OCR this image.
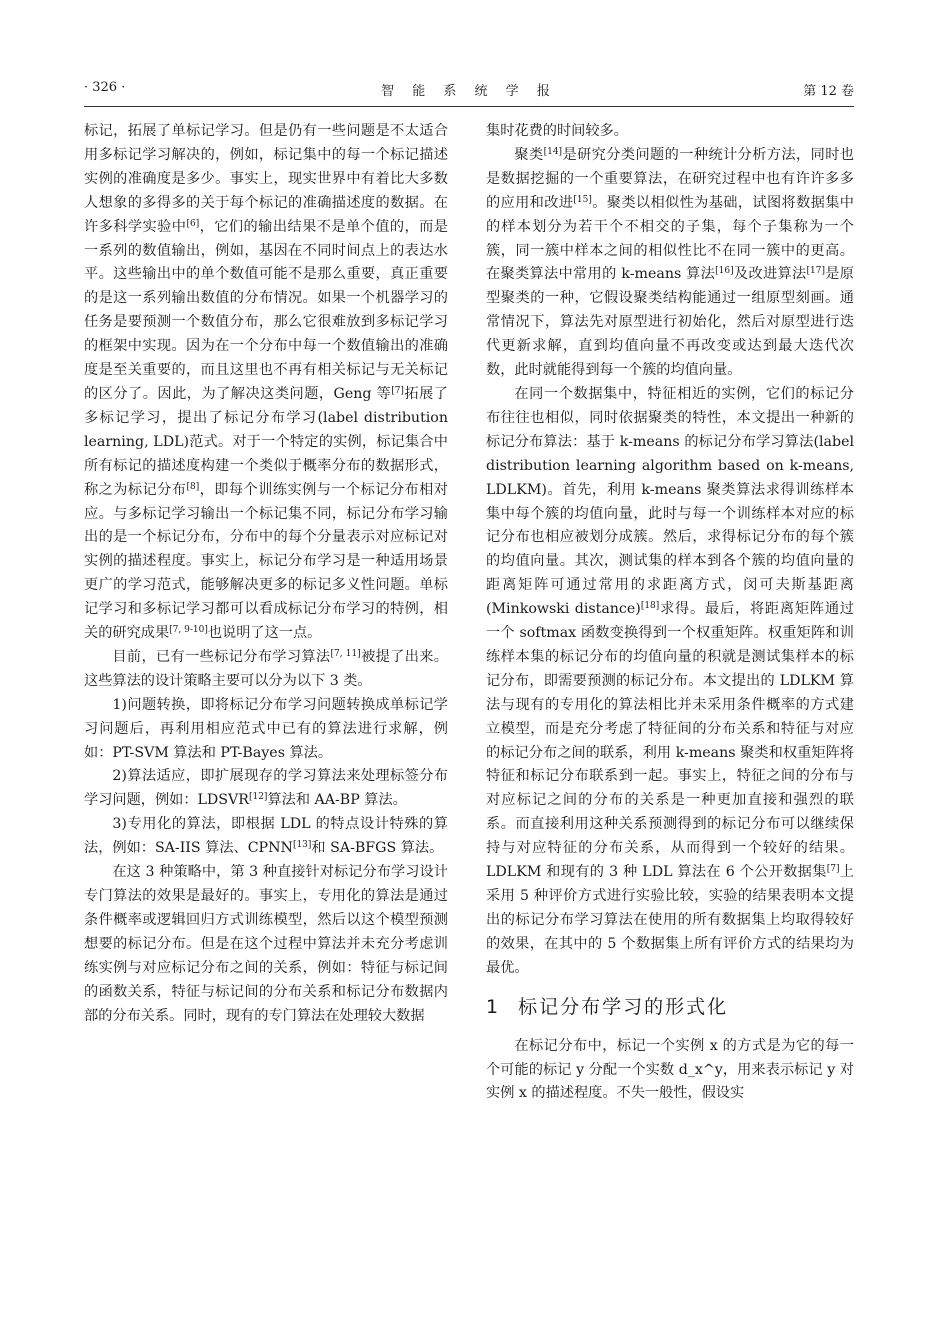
· 326 ·	智 能 系 统 学 报	第 12 卷

标记，拓展了单标记学习。但是仍有一些问题是不太适合用多标记学习解决的，例如，标记集中的每一个标记描述实例的准确度是多少。事实上，现实世界中有着比大多数人想象的多得多的关于每个标记的准确描述度的数据。在许多科学实验中[6]，它们的输出结果不是单个值的，而是一系列的数值输出，例如，基因在不同时间点上的表达水平。这些输出中的单个数值可能不是那么重要，真正重要的是这一系列输出数值的分布情况。如果一个机器学习的任务是要预测一个数值分布，那么它很难放到多标记学习的框架中实现。因为在一个分布中每一个数值输出的准确度是至关重要的，而且这里也不再有相关标记与无关标记的区分了。因此，为了解决这类问题，Geng 等[7]拓展了多标记学习，提出了标记分布学习(label distribution learning, LDL)范式。对于一个特定的实例，标记集合中所有标记的描述度构建一个类似于概率分布的数据形式，称之为标记分布[8]，即每个训练实例与一个标记分布相对应。与多标记学习输出一个标记集不同，标记分布学习输出的是一个标记分布，分布中的每个分量表示对应标记对实例的描述程度。事实上，标记分布学习是一种适用场景更广的学习范式，能够解决更多的标记多义性问题。单标记学习和多标记学习都可以看成标记分布学习的特例，相关的研究成果[7, 9-10]也说明了这一点。

目前，已有一些标记分布学习算法[7, 11]被提了出来。这些算法的设计策略主要可以分为以下 3 类。

1)问题转换，即将标记分布学习问题转换成单标记学习问题后，再利用相应范式中已有的算法进行求解，例如：PT-SVM 算法和 PT-Bayes 算法。

2)算法适应，即扩展现存的学习算法来处理标签分布学习问题，例如：LDSVR[12]算法和 AA-BP 算法。

3)专用化的算法，即根据 LDL 的特点设计特殊的算法，例如：SA-IIS 算法、CPNN[13]和 SA-BFGS 算法。

在这 3 种策略中，第 3 种直接针对标记分布学习设计专门算法的效果是最好的。事实上，专用化的算法是通过条件概率或逻辑回归方式训练模型，然后以这个模型预测想要的标记分布。但是在这个过程中算法并未充分考虑训练实例与对应标记分布之间的关系，例如：特征与标记间的函数关系，特征与标记间的分布关系和标记分布数据内部的分布关系。同时，现有的专门算法在处理较大数据

集时花费的时间较多。

聚类[14]是研究分类问题的一种统计分析方法，同时也是数据挖掘的一个重要算法，在研究过程中也有许许多多的应用和改进[15]。聚类以相似性为基础，试图将数据集中的样本划分为若干个不相交的子集，每个子集称为一个簇，同一簇中样本之间的相似性比不在同一簇中的更高。在聚类算法中常用的 k-means 算法[16]及改进算法[17]是原型聚类的一种，它假设聚类结构能通过一组原型刻画。通常情况下，算法先对原型进行初始化，然后对原型进行迭代更新求解，直到均值向量不再改变或达到最大迭代次数，此时就能得到每一个簇的均值向量。

在同一个数据集中，特征相近的实例，它们的标记分布往往也相似，同时依据聚类的特性，本文提出一种新的标记分布算法：基于 k-means 的标记分布学习算法(label distribution learning algorithm based on k-means, LDLKM)。首先，利用 k-means 聚类算法求得训练样本集中每个簇的均值向量，此时与每一个训练样本对应的标记分布也相应被划分成簇。然后，求得标记分布的每个簇的均值向量。其次，测试集的样本到各个簇的均值向量的距离矩阵可通过常用的求距离方式，闵可夫斯基距离(Minkowski distance)[18]求得。最后，将距离矩阵通过一个 softmax 函数变换得到一个权重矩阵。权重矩阵和训练样本集的标记分布的均值向量的积就是测试集样本的标记分布，即需要预测的标记分布。本文提出的 LDLKM 算法与现有的专用化的算法相比并未采用条件概率的方式建立模型，而是充分考虑了特征间的分布关系和特征与对应的标记分布之间的联系，利用 k-means 聚类和权重矩阵将特征和标记分布联系到一起。事实上，特征之间的分布与对应标记之间的分布的关系是一种更加直接和强烈的联系。而直接利用这种关系预测得到的标记分布可以继续保持与对应特征的分布关系，从而得到一个较好的结果。LDLKM 和现有的 3 种 LDL 算法在 6 个公开数据集[7]上采用 5 种评价方式进行实验比较，实验的结果表明本文提出的标记分布学习算法在使用的所有数据集上均取得较好的效果，在其中的 5 个数据集上所有评价方式的结果均为最优。

1 标记分布学习的形式化

在标记分布中，标记一个实例 x 的方式是为它的每一个可能的标记 y 分配一个实数 d_x^y，用来表示标记 y 对实例 x 的描述程度。不失一般性，假设实
